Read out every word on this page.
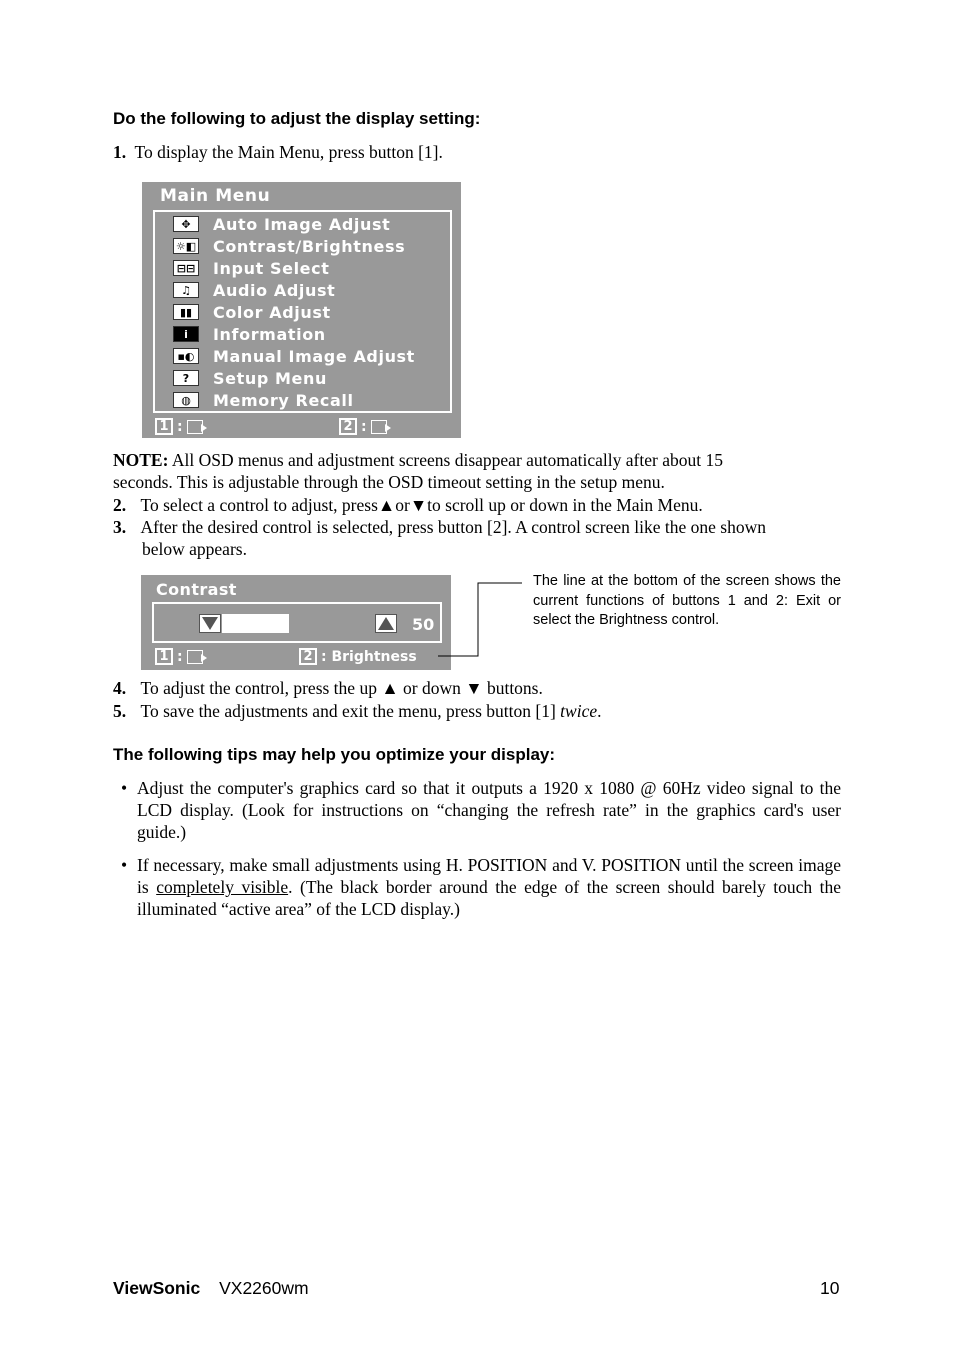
Do the following to adjust the display setting:
1. To display the Main Menu, press button [1].
Main Menu
✥	Auto Image Adjust
☼◧ Contrast/Brightness
⊟⊟ Input Select
♫	Audio Adjust
▮▮	Color Adjust
i	Information
▪◐ Manual Image Adjust
?	Setup Menu
◍	Memory Recall
1 :	2 :
NOTE: All OSD menus and adjustment screens disappear automatically after about 15
seconds. This is adjustable through the OSD timeout setting in the setup menu.
2. To select a control to adjust, press▲or▼to scroll up or down in the Main Menu.
3. After the desired control is selected, press button [2]. A control screen like the one shown
below appears.
Contrast
50
1 :	2 : Brightness
The line at the bottom of the screen shows the current functions of buttons 1 and 2: Exit or select the Brightness control.
4. To adjust the control, press the up ▲ or down ▼ buttons.
5. To save the adjustments and exit the menu, press button [1] twice.
The following tips may help you optimize your display:
• Adjust the computer's graphics card so that it outputs a 1920 x 1080 @ 60Hz video signal to the LCD display. (Look for instructions on “changing the refresh rate” in the graphics card's user guide.)
• If necessary, make small adjustments using H. POSITION and V. POSITION until the screen image is completely visible. (The black border around the edge of the screen should barely touch the illuminated “active area” of the LCD display.)
ViewSonic VX2260wm	10
